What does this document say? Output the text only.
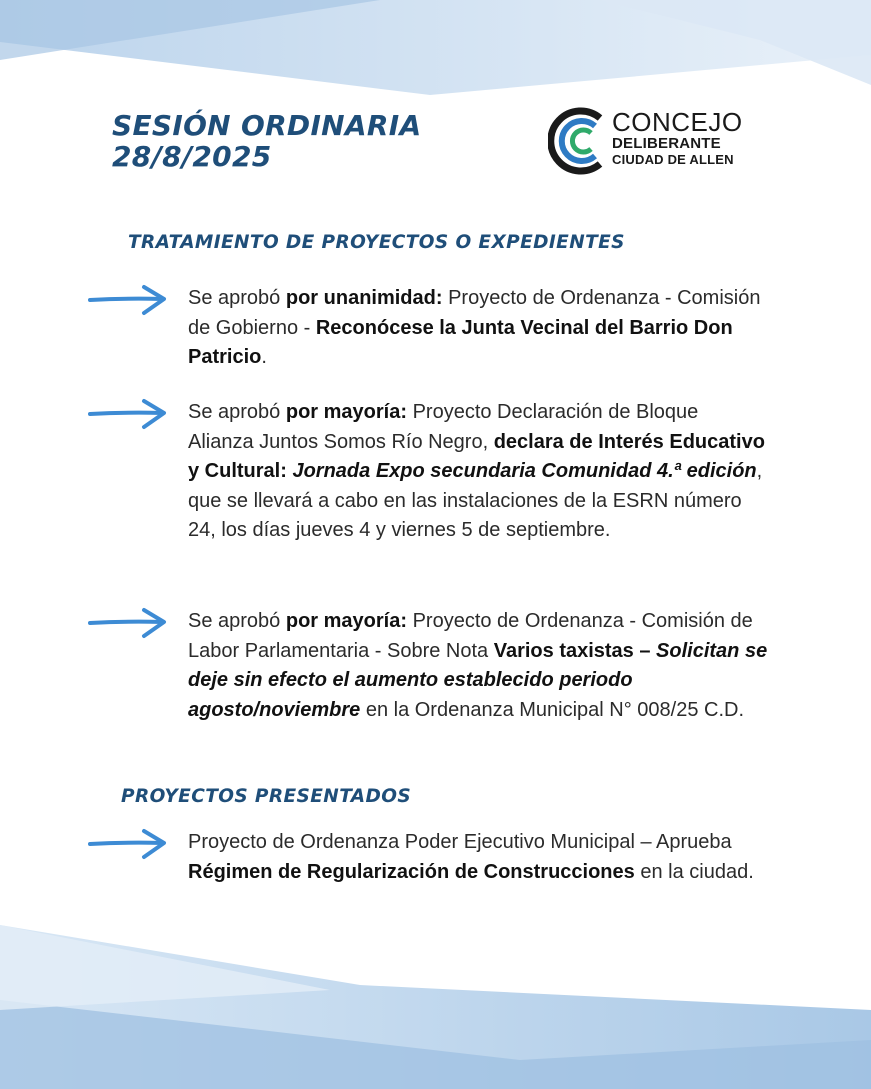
SESIÓN ORDINARIA
28/8/2025
CONCEJO
DELIBERANTE
CIUDAD DE ALLEN
TRATAMIENTO DE PROYECTOS O EXPEDIENTES
Se aprobó por unanimidad: Proyecto de Ordenanza - Comisión de Gobierno - Reconócese la Junta Vecinal del Barrio Don Patricio.
Se aprobó por mayoría: Proyecto Declaración de Bloque Alianza Juntos Somos Río Negro, declara de Interés Educativo y Cultural: Jornada Expo secundaria Comunidad 4.ª edición, que se llevará a cabo en las instalaciones de la ESRN número 24, los días jueves 4 y viernes 5 de septiembre.
Se aprobó por mayoría: Proyecto de Ordenanza - Comisión de Labor Parlamentaria - Sobre Nota Varios taxistas – Solicitan se deje sin efecto el aumento establecido periodo agosto/noviembre en la Ordenanza Municipal N° 008/25 C.D.
PROYECTOS PRESENTADOS
Proyecto de Ordenanza Poder Ejecutivo Municipal – Aprueba Régimen de Regularización de Construcciones en la ciudad.
